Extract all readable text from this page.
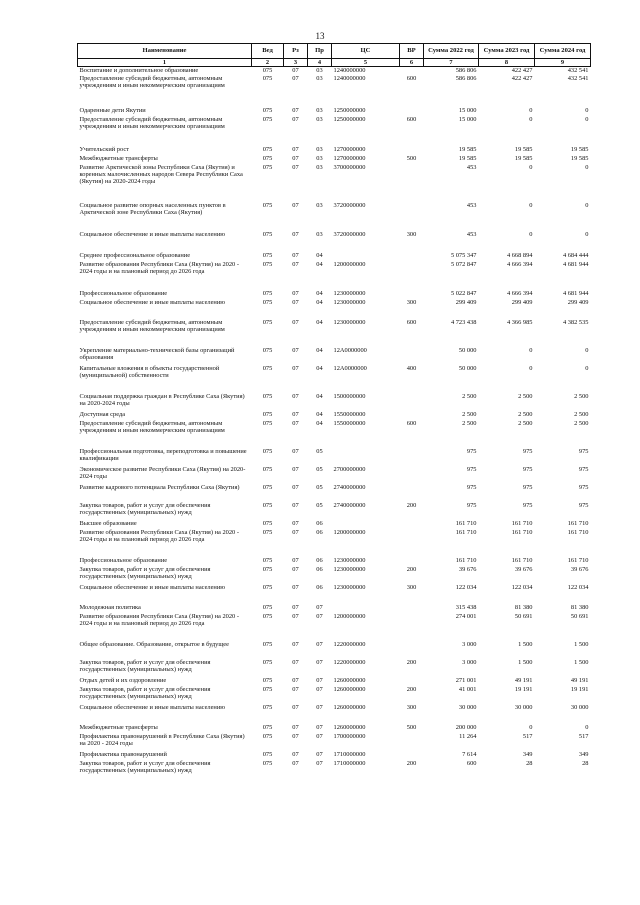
13
Наименование	Вед	Рз	Пр	ЦС	ВР	Сумма 2022 год	Сумма 2023 год	Сумма 2024 год
1	2	3	4	5	6	7	8	9
Воспитание и дополнительное образование	075	07	03	1240000000		586 806	422 427	432 541
Предоставление субсидий бюджетным, автономным учреждениям и иным некоммерческим организациям	075	07	03	1240000000	600	586 806	422 427	432 541
Одаренные дети Якутии	075	07	03	1250000000		15 000	0	0
Предоставление субсидий бюджетным, автономным учреждениям и иным некоммерческим организациям	075	07	03	1250000000	600	15 000	0	0
Учительский рост	075	07	03	1270000000		19 585	19 585	19 585
Межбюджетные трансферты	075	07	03	1270000000	500	19 585	19 585	19 585
Развитие Арктической зоны Республики Саха (Якутия) и коренных малочисленных народов Севера Республики Саха (Якутия) на 2020-2024 годы	075	07	03	3700000000		453	0	0
Социальное развитие опорных населенных пунктов в Арктической зоне Республики Саха (Якутия)	075	07	03	3720000000		453	0	0
Социальное обеспечение и иные выплаты населению	075	07	03	3720000000	300	453	0	0
Среднее профессиональное образование	075	07	04			5 075 347	4 668 894	4 684 444
Развитие образования Республики Саха (Якутия) на 2020 - 2024 годы и на плановый период до 2026 года	075	07	04	1200000000		5 072 847	4 666 394	4 681 944
Профессиональное образование	075	07	04	1230000000		5 022 847	4 666 394	4 681 944
Социальное обеспечение и иные выплаты населению	075	07	04	1230000000	300	299 409	299 409	299 409
Предоставление субсидий бюджетным, автономным учреждениям и иным некоммерческим организациям	075	07	04	1230000000	600	4 723 438	4 366 985	4 382 535
Укрепление материально-технической базы организаций образования	075	07	04	12A0000000		50 000	0	0
Капитальные вложения в объекты государственной (муниципальной) собственности	075	07	04	12A0000000	400	50 000	0	0
Социальная поддержка граждан в Республике Саха (Якутия) на 2020-2024 годы	075	07	04	1500000000		2 500	2 500	2 500
Доступная среда	075	07	04	1550000000		2 500	2 500	2 500
Предоставление субсидий бюджетным, автономным учреждениям и иным некоммерческим организациям	075	07	04	1550000000	600	2 500	2 500	2 500
Профессиональная подготовка, переподготовка и повышение квалификации	075	07	05			975	975	975
Экономическое развитие Республики Саха (Якутия) на 2020-2024 годы	075	07	05	2700000000		975	975	975
Развитие кадрового потенциала Республики Саха (Якутия)	075	07	05	2740000000		975	975	975
Закупка товаров, работ и услуг для обеспечения государственных (муниципальных) нужд	075	07	05	2740000000	200	975	975	975
Высшее образование	075	07	06			161 710	161 710	161 710
Развитие образования Республики Саха (Якутия) на 2020 - 2024 годы и на плановый период до 2026 года	075	07	06	1200000000		161 710	161 710	161 710
Профессиональное образование	075	07	06	1230000000		161 710	161 710	161 710
Закупка товаров, работ и услуг для обеспечения государственных (муниципальных) нужд	075	07	06	1230000000	200	39 676	39 676	39 676
Социальное обеспечение и иные выплаты населению	075	07	06	1230000000	300	122 034	122 034	122 034
Молодежная политика	075	07	07			315 438	81 380	81 380
Развитие образования Республики Саха (Якутия) на 2020 - 2024 годы и на плановый период до 2026 года	075	07	07	1200000000		274 001	50 691	50 691
Общее образование. Образование, открытое в будущее	075	07	07	1220000000		3 000	1 500	1 500
Закупка товаров, работ и услуг для обеспечения государственных (муниципальных) нужд	075	07	07	1220000000	200	3 000	1 500	1 500
Отдых детей и их оздоровление	075	07	07	1260000000		271 001	49 191	49 191
Закупка товаров, работ и услуг для обеспечения государственных (муниципальных) нужд	075	07	07	1260000000	200	41 001	19 191	19 191
Социальное обеспечение и иные выплаты населению	075	07	07	1260000000	300	30 000	30 000	30 000
Межбюджетные трансферты	075	07	07	1260000000	500	200 000	0	0
Профилактика правонарушений в Республике Саха (Якутия) на 2020 - 2024 годы	075	07	07	1700000000		11 264	517	517
Профилактика правонарушений	075	07	07	1710000000		7 614	349	349
Закупка товаров, работ и услуг для обеспечения государственных (муниципальных) нужд	075	07	07	1710000000	200	600	28	28
